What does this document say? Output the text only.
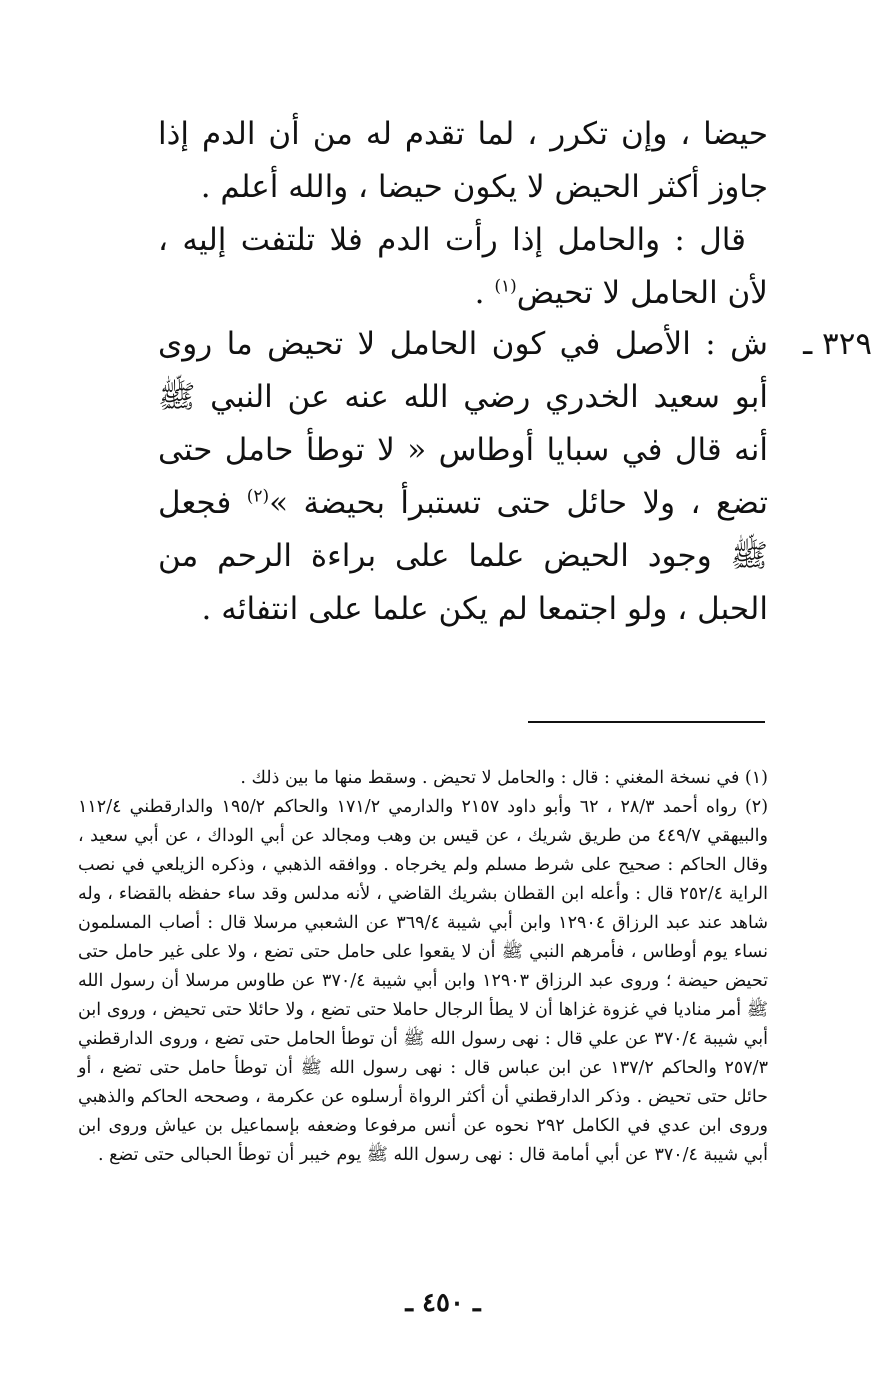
حيضا ، وإن تكرر ، لما تقدم له من أن الدم إذا جاوز أكثر الحيض لا يكون حيضا ، والله أعلم .
قال : والحامل إذا رأت الدم فلا تلتفت إليه ، لأن الحامل لا تحيض$^{(١)}$ .
٣٢٩ ـ
ش : الأصل في كون الحامل لا تحيض ما روى أبو سعيد الخدري رضي الله عنه عن النبي ﷺ أنه قال في سبايا أوطاس « لا توطأ حامل حتى تضع ، ولا حائل حتى تستبرأ بحيضة »$^{(٢)}$ فجعل ﷺ وجود الحيض علما على براءة الرحم من الحبل ، ولو اجتمعا لم يكن علما على انتفائه .

(١) في نسخة المغني : قال : والحامل لا تحيض . وسقط منها ما بين ذلك .

(٢) رواه أحمد ٢٨/٣ ، ٦٢ وأبو داود ٢١٥٧ والدارمي ١٧١/٢ والحاكم ١٩٥/٢ والدارقطني ١١٢/٤ والبيهقي ٤٤٩/٧ من طريق شريك ، عن قيس بن وهب ومجالد عن أبي الوداك ، عن أبي سعيد ، وقال الحاكم : صحيح على شرط مسلم ولم يخرجاه . ووافقه الذهبي ، وذكره الزيلعي في نصب الراية ٢٥٢/٤ قال : وأعله ابن القطان بشريك القاضي ، لأنه مدلس وقد ساء حفظه بالقضاء ، وله شاهد عند عبد الرزاق ١٢٩٠٤ وابن أبي شيبة ٣٦٩/٤ عن الشعبي مرسلا قال : أصاب المسلمون نساء يوم أوطاس ، فأمرهم النبي ﷺ أن لا يقعوا على حامل حتى تضع ، ولا على غير حامل حتى تحيض حيضة ؛ وروى عبد الرزاق ١٢٩٠٣ وابن أبي شيبة ٣٧٠/٤ عن طاوس مرسلا أن رسول الله ﷺ أمر مناديا في غزوة غزاها أن لا يطأ الرجال حاملا حتى تضع ، ولا حائلا حتى تحيض ، وروى ابن أبي شيبة ٣٧٠/٤ عن علي قال : نهى رسول الله ﷺ أن توطأ الحامل حتى تضع ، وروى الدارقطني ٢٥٧/٣ والحاكم ١٣٧/٢ عن ابن عباس قال : نهى رسول الله ﷺ أن توطأ حامل حتى تضع ، أو حائل حتى تحيض . وذكر الدارقطني أن أكثر الرواة أرسلوه عن عكرمة ، وصححه الحاكم والذهبي وروى ابن عدي في الكامل ٢٩٢ نحوه عن أنس مرفوعا وضعفه بإسماعيل بن عياش وروى ابن أبي شيبة ٣٧٠/٤ عن أبي أمامة قال : نهى رسول الله ﷺ يوم خيبر أن توطأ الحبالى حتى تضع .

ـ ٤٥٠ ـ
